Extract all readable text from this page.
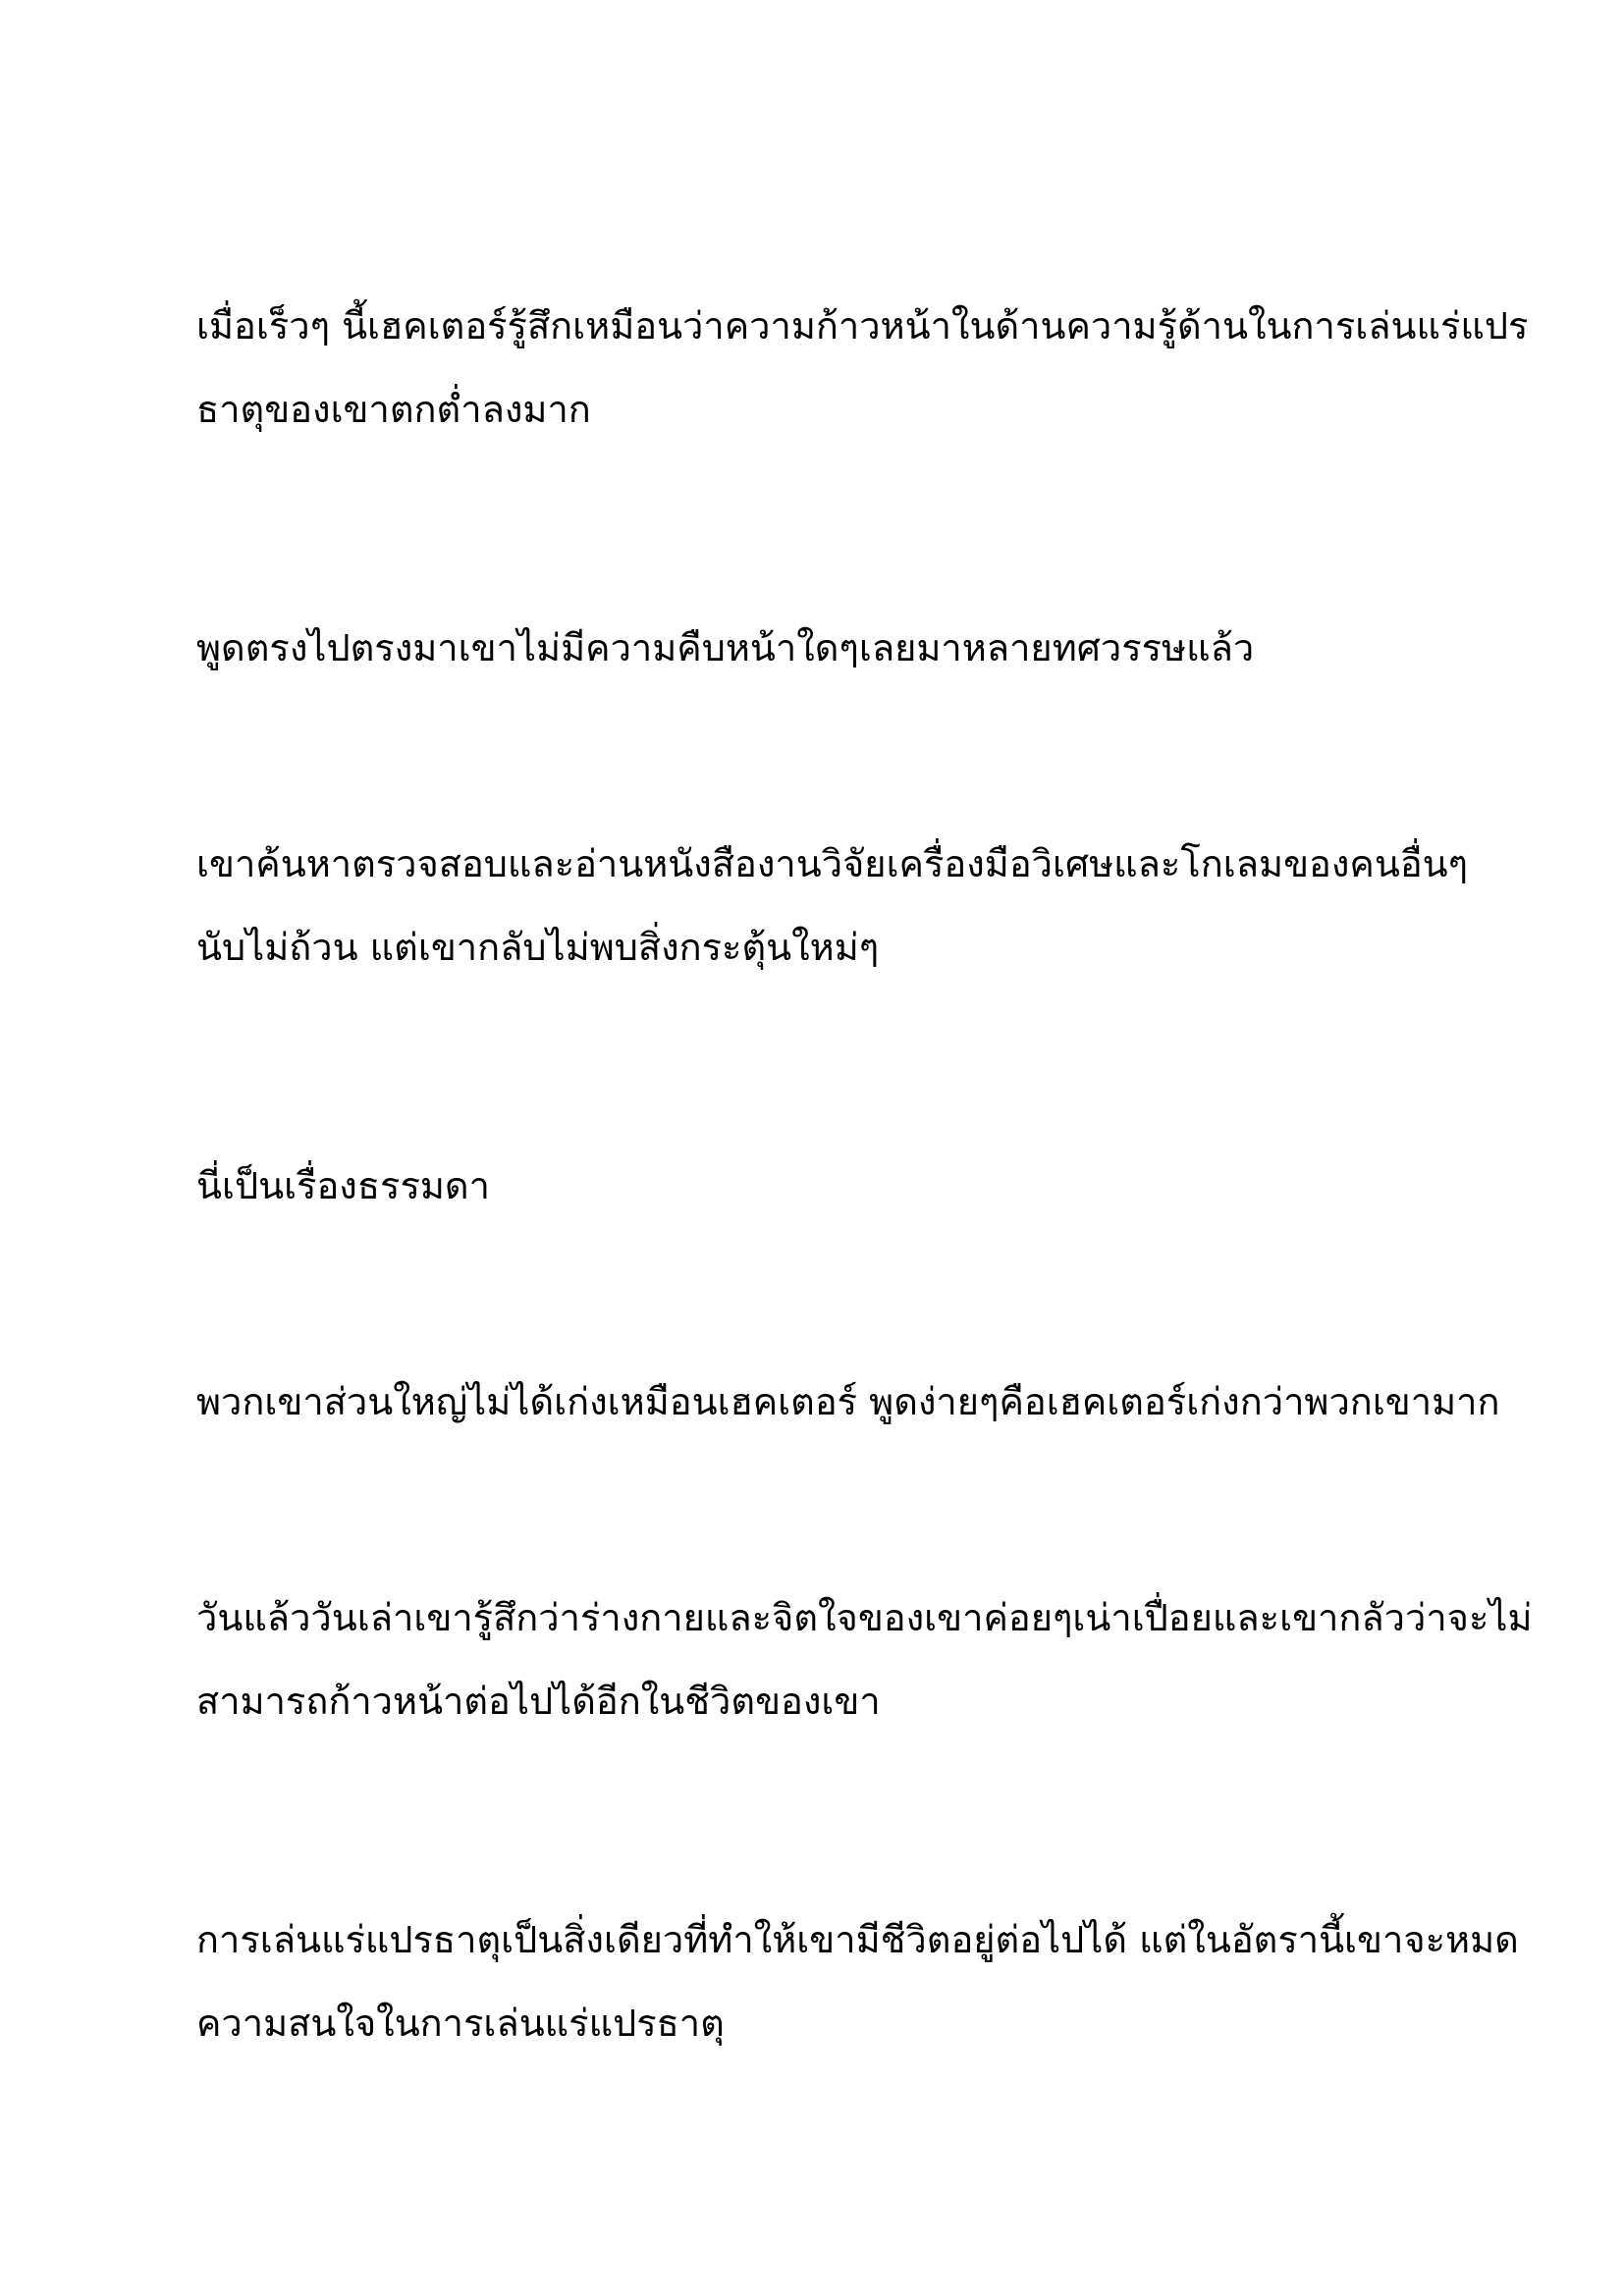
เมื่อเร็วๆ นี้เฮคเตอร์รู้สึกเหมือนว่าความก้าวหน้าในด้านความรู้ด้านในการเล่นแร่แปร
ธาตุของเขาตกต่ำลงมาก

พูดตรงไปตรงมาเขาไม่มีความคืบหน้าใดๆเลยมาหลายทศวรรษแล้ว

เขาค้นหาตรวจสอบและอ่านหนังสืองานวิจัยเครื่องมือวิเศษและโกเลมของคนอื่นๆ
นับไม่ถ้วน แต่เขากลับไม่พบสิ่งกระตุ้นใหม่ๆ

นี่เป็นเรื่องธรรมดา

พวกเขาส่วนใหญ่ไม่ได้เก่งเหมือนเฮคเตอร์ พูดง่ายๆคือเฮคเตอร์เก่งกว่าพวกเขามาก

วันแล้ววันเล่าเขารู้สึกว่าร่างกายและจิตใจของเขาค่อยๆเน่าเปื่อยและเขากลัวว่าจะไม่
สามารถก้าวหน้าต่อไปได้อีกในชีวิตของเขา

การเล่นแร่แปรธาตุเป็นสิ่งเดียวที่ทำให้เขามีชีวิตอยู่ต่อไปได้ แต่ในอัตรานี้เขาจะหมด
ความสนใจในการเล่นแร่แปรธาตุ
